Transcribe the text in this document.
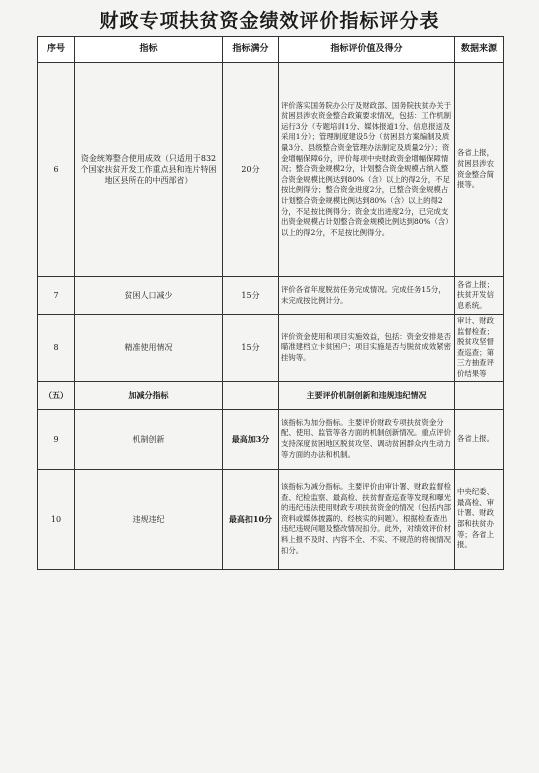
财政专项扶贫资金绩效评价指标评分表
序号	指标	指标满分	指标评价值及得分	数据来源
6	资金统筹整合使用成效（只适用于832个国家扶贫开发工作重点县和连片特困地区县所在的中西部省）	20分	评价落实国务院办公厅及财政部、国务院扶贫办关于贫困县涉农资金整合政策要求情况，包括：工作机制运行3分（专题培训1分、媒体报道1分、信息报送及采用1分）；管理制度建设5分（贫困县方案编制及质量3分、县级整合资金管理办法制定及质量2分）；资金增幅保障6分，评价每项中央财政资金增幅保障情况；整合资金规模2分，计划整合资金规模占纳入整合资金规模比例达到80%（含）以上的得2分，不足按比例得分；整合资金进度2分，已整合资金规模占计划整合资金规模比例达到80%（含）以上的得2分，不足按比例得分；资金支出进度2分，已完成支出资金规模占计划整合资金规模比例达到80%（含）以上的得2分，不足按比例得分。	各省上报，贫困县涉农资金整合简报等。
7	贫困人口减少	15分	评价各省年度脱贫任务完成情况。完成任务15分，未完成按比例计分。	各省上报；扶贫开发信息系统。
8	精准使用情况	15分	评价资金使用和项目实施效益，包括：资金安排是否瞄准建档立卡贫困户；项目实施是否与脱贫成效紧密挂钩等。	审计、财政监督检查；脱贫攻坚督查巡查；第三方抽查评价结果等
（五）	加减分指标		主要评价机制创新和违规违纪情况	
9	机制创新	最高加3分	该指标为加分指标。主要评价财政专项扶贫资金分配、使用、监管等各方面的机制创新情况。重点评价支持深度贫困地区脱贫攻坚、调动贫困群众内生动力等方面的办法和机制。	各省上报。
10	违规违纪	最高扣10分	该指标为减分指标。主要评价由审计署、财政监督检查、纪检监察、最高检、扶贫督查巡查等发现和曝光的违纪违法使用财政专项扶贫资金的情况（包括内部资料或媒体披露的、经核实的问题）。根据检查查出违纪违规问题及整改情况扣分。此外，对绩效评价材料上报不及时、内容不全、不实、不规范的将视情况扣分。	中央纪委、最高检、审计署、财政部和扶贫办等；各省上报。
